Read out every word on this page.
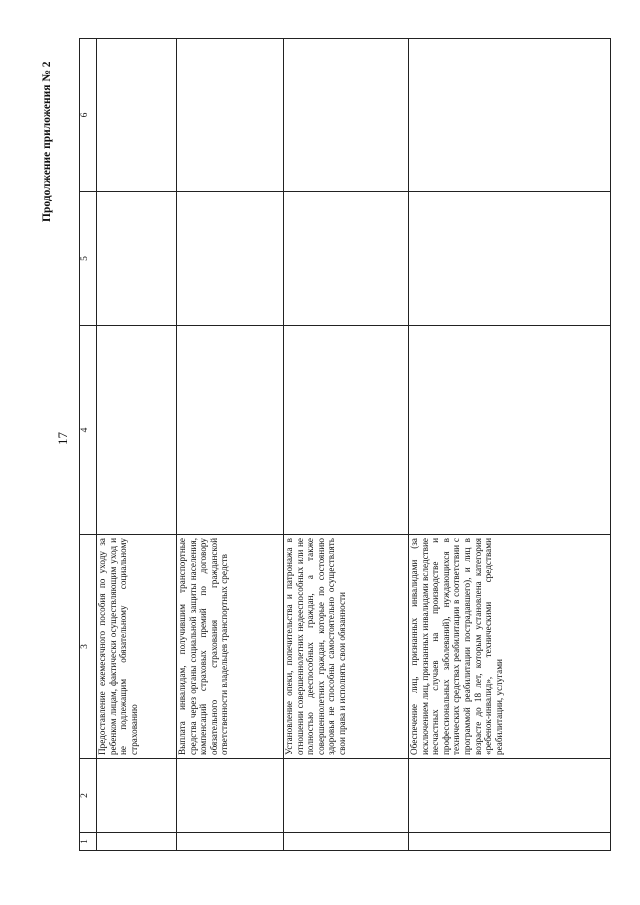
17
Продолжение приложения № 2
1	2	3	4	5	6
		Предоставление ежемесячного пособия по уходу за ребенком лицам, фактически осуществляющим уход и не подлежащим обязательному социальному страхованию			
		Выплата инвалидам, получившим транспортные средства через органы социальной защиты населения, компенсаций страховых премий по договору обязательного страхования гражданской ответственности владельцев транспортных средств			
		Установление опеки, попечительства и патронажа в отношении совершеннолетних недееспособных или не полностью дееспособных граждан, а также совершеннолетних граждан, которые по состоянию здоровья не способны самостоятельно осуществлять свои права и исполнять свои обязанности			
		Обеспечение лиц, признанных инвалидами (за исключением лиц, признанных инвалидами вследствие несчастных случаев на производстве и профессиональных заболеваний), нуждающихся в технических средствах реабилитации в соответствии с программой реабилитации пострадавшего), и лиц в возрасте до 18 лет, которым установлена категория «ребенок-инвалид», техническими средствами реабилитации, услугами			
